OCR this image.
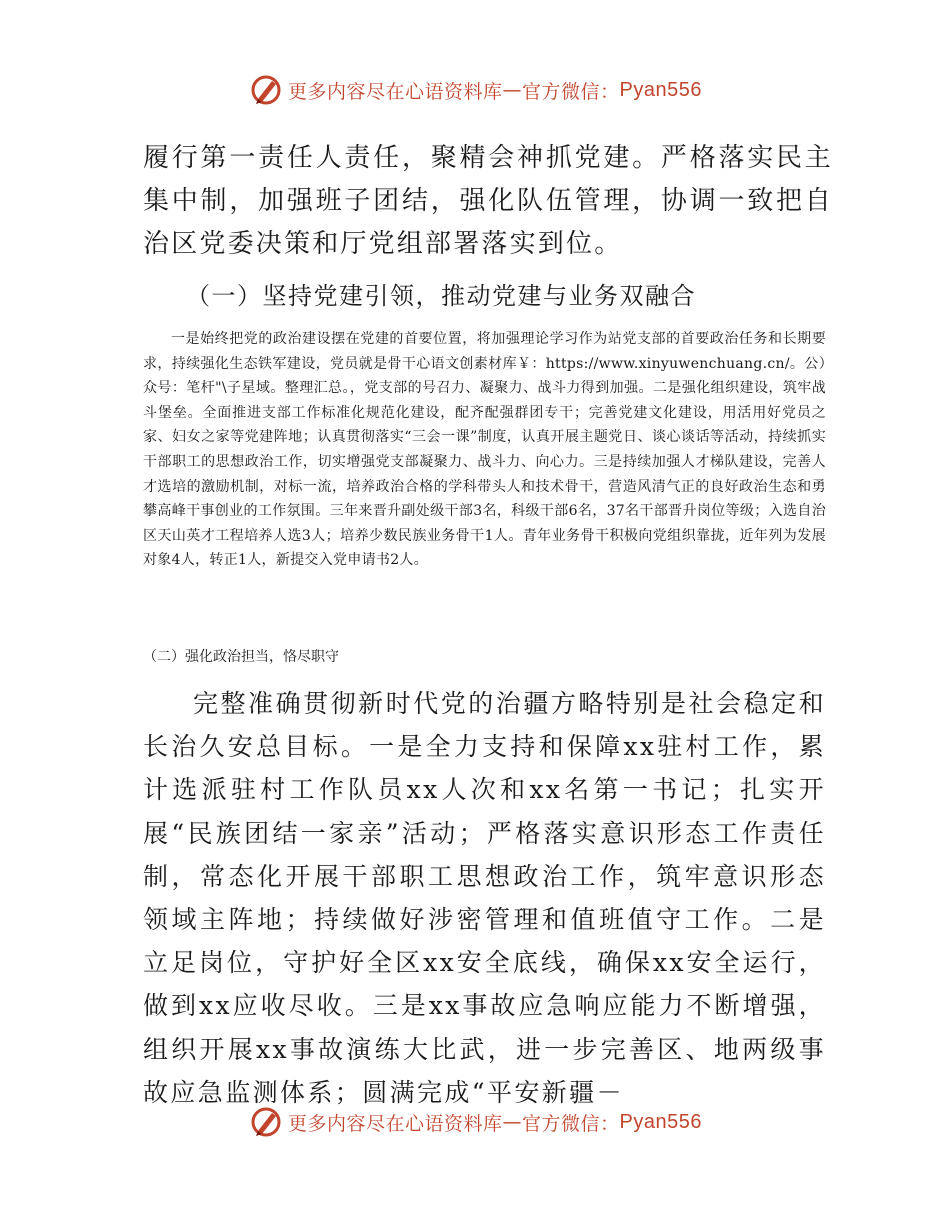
更多内容尽在心语资料库 — 官方微信： Pyan556

履行第一责任人责任，聚精会神抓党建。严格落实民主集中制，加强班子团结，强化队伍管理，协调一致把自治区党委决策和厅党组部署落实到位。

（一）坚持党建引领，推动党建与业务双融合

一是始终把党的政治建设摆在党建的首要位置，将加强理论学习作为站党支部的首要政治任务和长期要求，持续强化生态铁军建设，党员就是骨干心语文创素材库￥：https://www.xinyuwenchuang.cn/。公）众号：笔杆"\子星域。整理汇总。，党支部的号召力、凝聚力、战斗力得到加强。二是强化组织建设，筑牢战斗堡垒。全面推进支部工作标准化规范化建设，配齐配强群团专干；完善党建文化建设，用活用好党员之家、妇女之家等党建阵地；认真贯彻落实“三会一课”制度，认真开展主题党日、谈心谈话等活动，持续抓实干部职工的思想政治工作，切实增强党支部凝聚力、战斗力、向心力。三是持续加强人才梯队建设，完善人才选培的激励机制，对标一流，培养政治合格的学科带头人和技术骨干，营造风清气正的良好政治生态和勇攀高峰干事创业的工作氛围。三年来晋升副处级干部3名，科级干部6名，37名干部晋升岗位等级；入选自治区天山英才工程培养人选3人；培养少数民族业务骨干1人。青年业务骨干积极向党组织靠拢，近年列为发展对象4人，转正1人，新提交入党申请书2人。

（二）强化政治担当，恪尽职守

完整准确贯彻新时代党的治疆方略特别是社会稳定和长治久安总目标。一是全力支持和保障xx驻村工作，累计选派驻村工作队员xx人次和xx名第一书记；扎实开展“民族团结一家亲”活动；严格落实意识形态工作责任制，常态化开展干部职工思想政治工作，筑牢意识形态领域主阵地；持续做好涉密管理和值班值守工作。二是立足岗位，守护好全区xx安全底线，确保xx安全运行，做到xx应收尽收。三是xx事故应急响应能力不断增强，组织开展xx事故演练大比武，进一步完善区、地两级事故应急监测体系；圆满完成“平安新疆－

更多内容尽在心语资料库 — 官方微信： Pyan556
